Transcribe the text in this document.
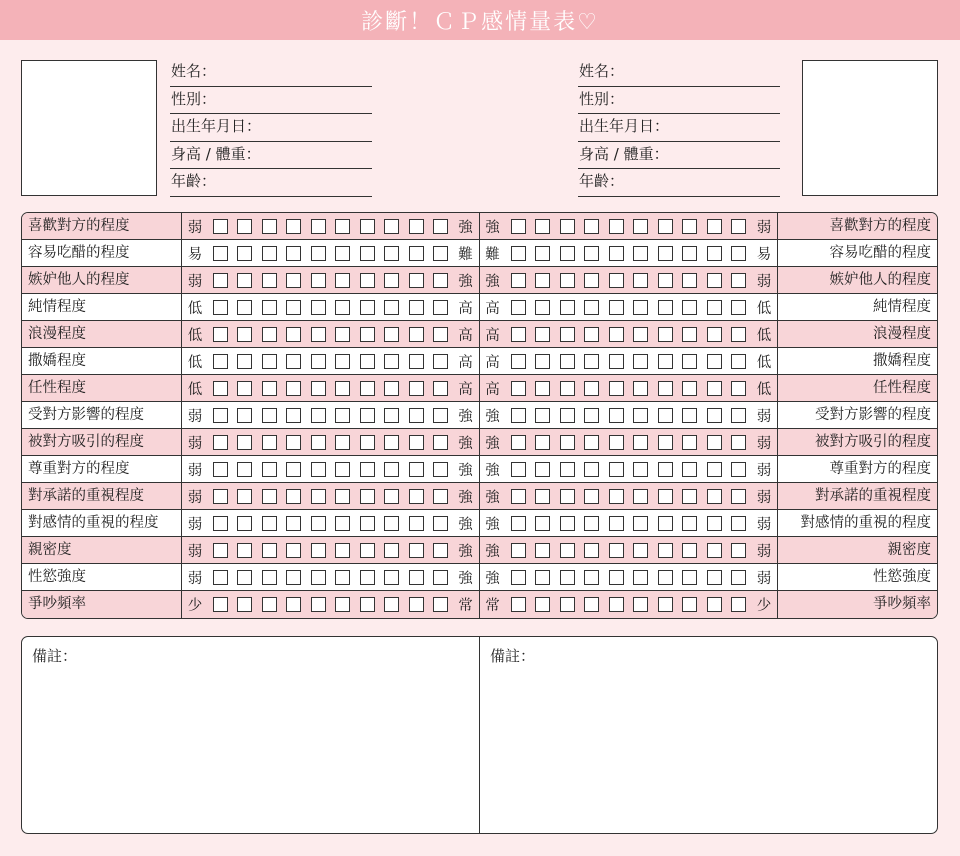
診斷！ＣＰ感情量表♡
姓名：
性別：
出生年月日：
身高 / 體重：
年齡：
姓名：
性別：
出生年月日：
身高 / 體重：
年齡：
喜歡對方的程度	弱	強 強	弱	喜歡對方的程度
容易吃醋的程度	易	難 難	易	容易吃醋的程度
嫉妒他人的程度	弱	強 強	弱	嫉妒他人的程度
純情程度	低	高 高	低	純情程度
浪漫程度	低	高 高	低	浪漫程度
撒嬌程度	低	高 高	低	撒嬌程度
任性程度	低	高 高	低	任性程度
受對方影響的程度	弱	強 強	弱	受對方影響的程度
被對方吸引的程度	弱	強 強	弱	被對方吸引的程度
尊重對方的程度	弱	強 強	弱	尊重對方的程度
對承諾的重視程度	弱	強 強	弱	對承諾的重視程度
對感情的重視的程度	弱	強 強	弱	對感情的重視的程度
親密度	弱	強 強	弱	親密度
性慾強度	弱	強 強	弱	性慾強度
爭吵頻率	少	常 常	少	爭吵頻率
備註：	備註：
